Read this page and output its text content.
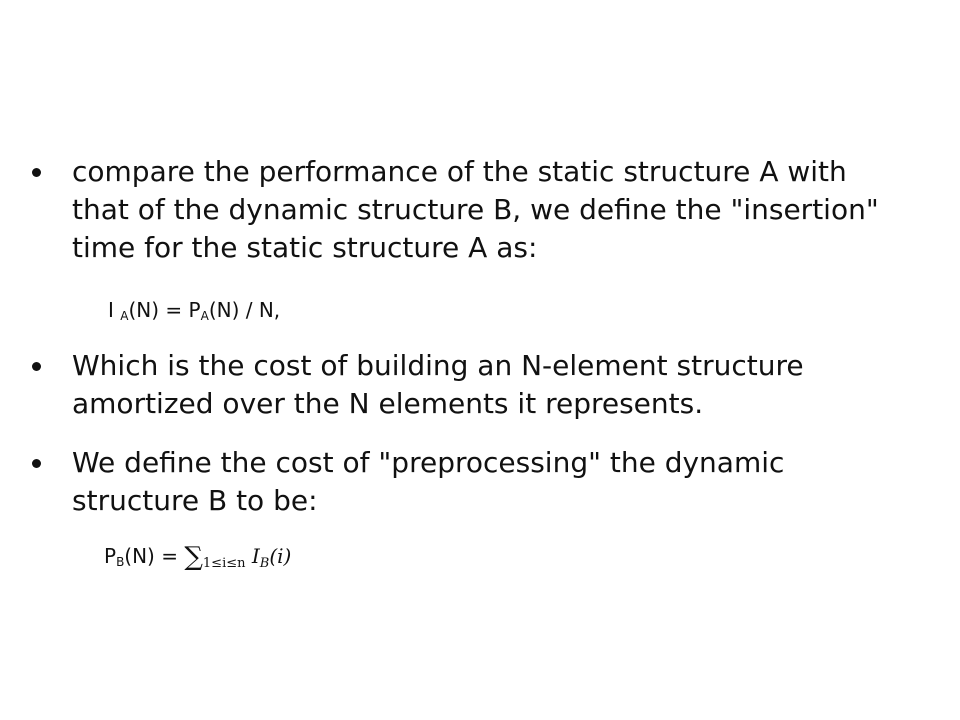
compare the performance of the static structure A with that of the dynamic structure B, we define the "insertion" time for the static structure A as:

I $_A(N) = P_A(N) / N$,

Which is the cost of building an N-element structure amortized over the N elements it represents.

We define the cost of "preprocessing" the dynamic structure B to be:

$P_B(N) = \sum_{1\le i\le n}$ $I_B(i)$
